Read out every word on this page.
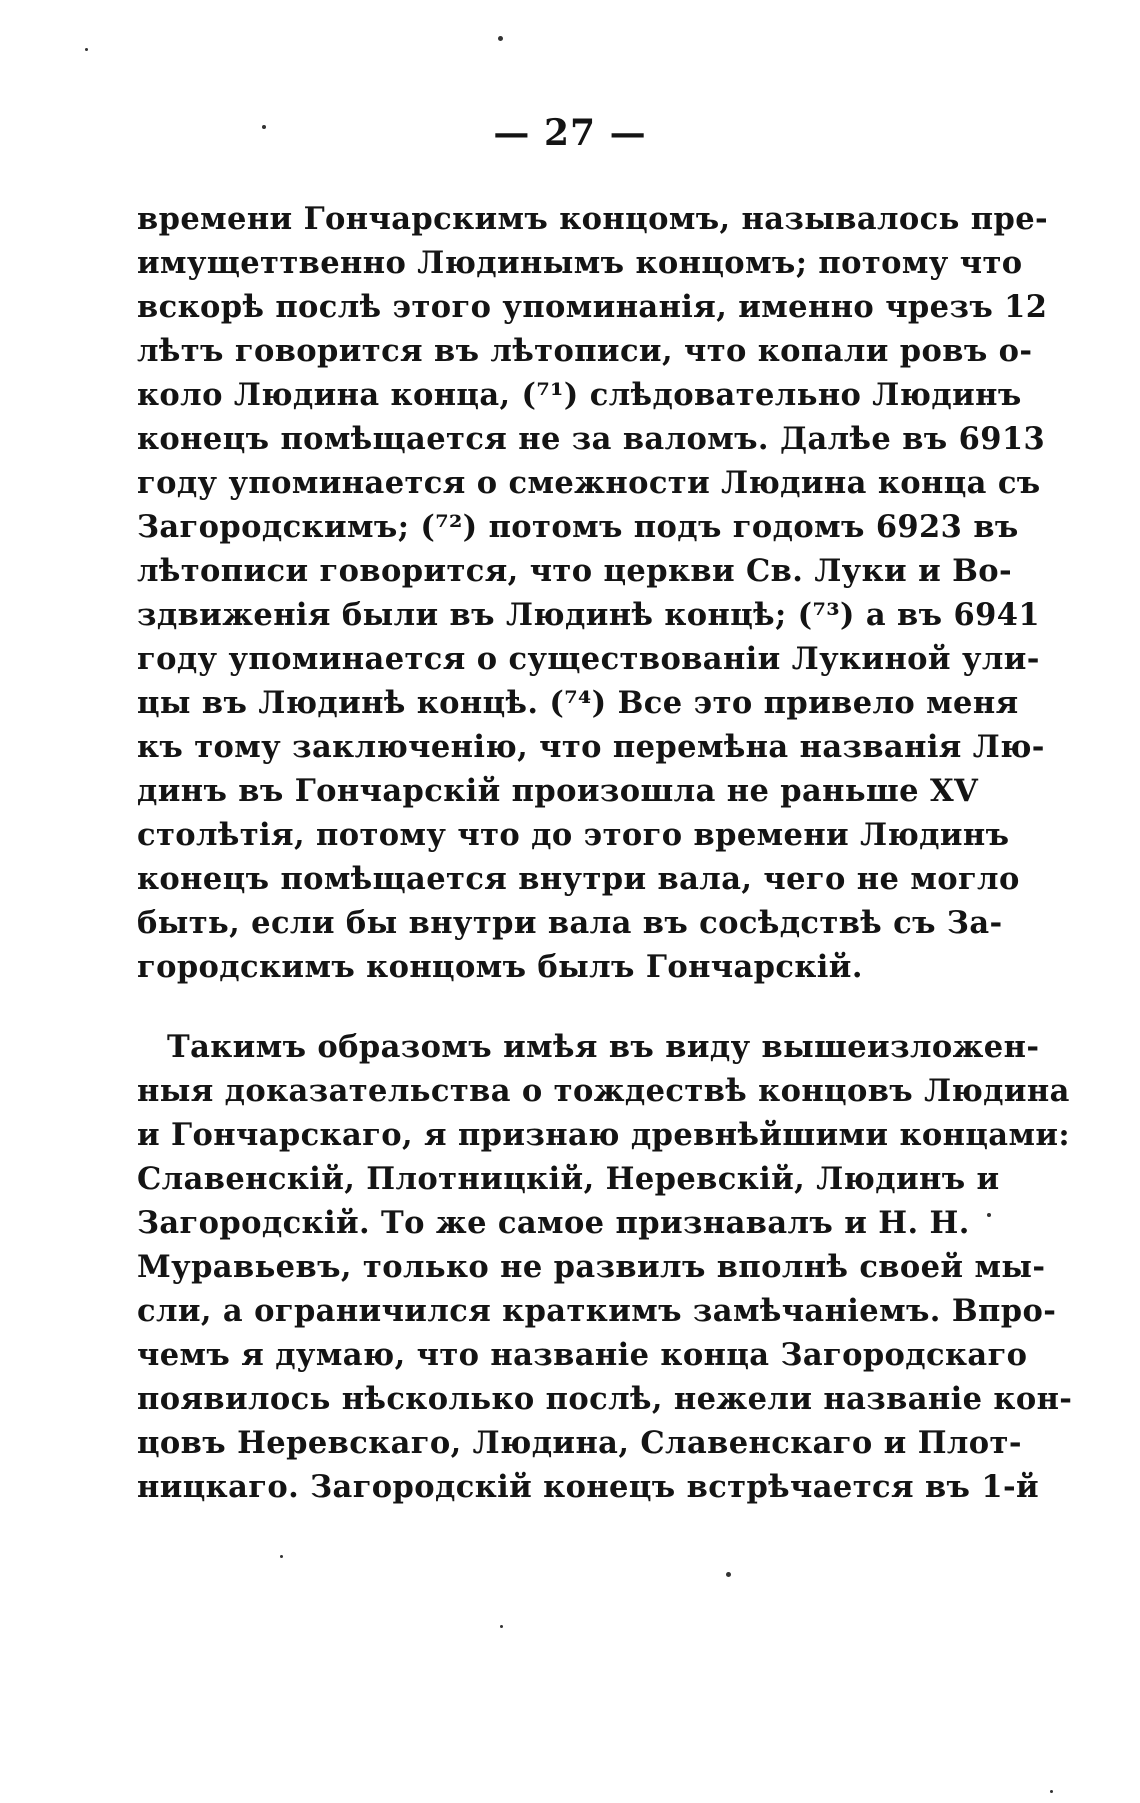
— 27 —
времени Гончарскимъ концомъ, называлось пре-
имущеттвенно Людинымъ концомъ; потому что
вскорѣ послѣ этого упоминанія, именно чрезъ 12
лѣтъ говорится въ лѣтописи, что копали ровъ о-
коло Людина конца, (⁷¹) слѣдовательно Людинъ
конецъ помѣщается не за валомъ. Далѣе въ 6913
году упоминается о смежности Людина конца съ
Загородскимъ; (⁷²) потомъ подъ годомъ 6923 въ
лѣтописи говорится, что церкви Св. Луки и Во-
здвиженія были въ Людинѣ концѣ; (⁷³) а въ 6941
году упоминается о существованіи Лукиной ули-
цы въ Людинѣ концѣ. (⁷⁴) Все это привело меня
къ тому заключенію, что перемѣна названія Лю-
динъ въ Гончарскій произошла не раньше XV
столѣтія, потому что до этого времени Людинъ
конецъ помѣщается внутри вала, чего не могло
быть, если бы внутри вала въ сосѣдствѣ съ За-
городскимъ концомъ былъ Гончарскій.
Такимъ образомъ имѣя въ виду вышеизложен-
ныя доказательства о тождествѣ концовъ Людина
и Гончарскаго, я признаю древнѣйшими концами:
Славенскій, Плотницкій, Неревскій, Людинъ и
Загородскій. То же самое признавалъ и Н. Н.
Муравьевъ, только не развилъ вполнѣ своей мы-
сли, а ограничился краткимъ замѣчаніемъ. Впро-
чемъ я думаю, что названіе конца Загородскаго
появилось нѣсколько послѣ, нежели названіе кон-
цовъ Неревскаго, Людина, Славенскаго и Плот-
ницкаго. Загородскій конецъ встрѣчается въ 1-й
